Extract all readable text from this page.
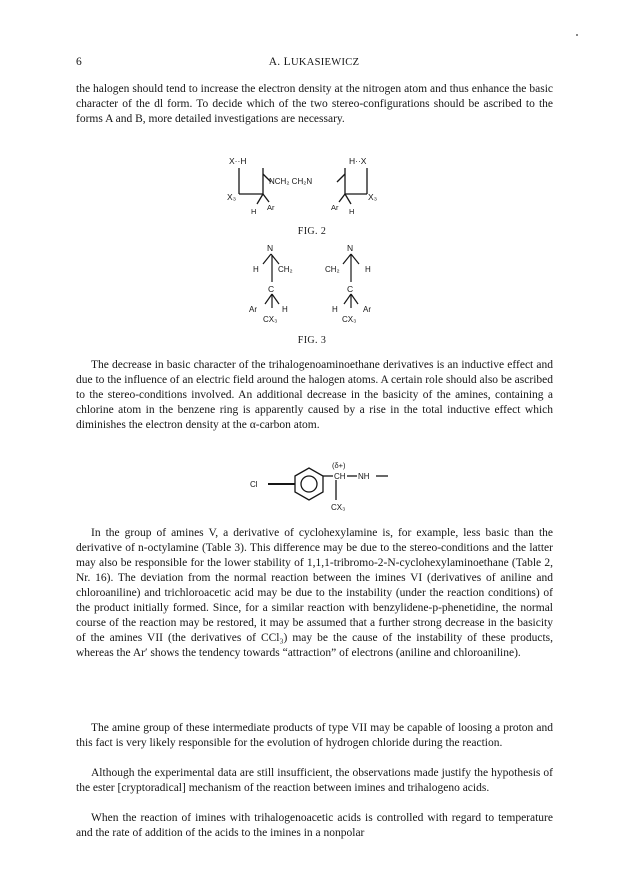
6	A. LUKASIEWICZ

the halogen should tend to increase the electron density at the nitrogen atom and thus enhance the basic character of the dl form. To decide which of the two stereo-configurations should be ascribed to the forms A and B, more detailed investigations are necessary.

X··H	H··X
NCH₂ CH₂N
X₃	X₃
H Ar	Ar H
FIG. 2
N	N
H CH₂	CH₂	H
C	C
Ar	H	H	Ar
CX₃	CX₃
FIG. 3

The decrease in basic character of the trihalogenoaminoethane derivatives is an inductive effect and due to the influence of an electric field around the halogen atoms. A certain role should also be ascribed to the stereo-conditions involved. An additional decrease in the basicity of the amines, containing a chlorine atom in the benzene ring is apparently caused by a rise in the total inductive effect which diminishes the electron density at the α-carbon atom.

(δ+)
Cl
CH NH
CX₃

In the group of amines V, a derivative of cyclohexylamine is, for example, less basic than the derivative of n-octylamine (Table 3). This difference may be due to the stereo-conditions and the latter may also be responsible for the lower stability of 1,1,1-tribromo-2-N-cyclohexylaminoethane (Table 2, Nr. 16). The deviation from the normal reaction between the imines VI (derivatives of aniline and chloroaniline) and trichloroacetic acid may be due to the instability (under the reaction conditions) of the product initially formed. Since, for a similar reaction with benzylidene-p-phenetidine, the normal course of the reaction may be restored, it may be assumed that a further strong decrease in the basicity of the amines VII (the derivatives of CCl₃) may be the cause of the instability of these products, whereas the Ar′ shows the tendency towards “attraction” of electrons (aniline and chloroaniline).

The amine group of these intermediate products of type VII may be capable of loosing a proton and this fact is very likely responsible for the evolution of hydrogen chloride during the reaction.

Although the experimental data are still insufficient, the observations made justify the hypothesis of the ester [cryptoradical] mechanism of the reaction between imines and trihalogeno acids.

When the reaction of imines with trihalogenoacetic acids is controlled with regard to temperature and the rate of addition of the acids to the imines in a nonpolar
